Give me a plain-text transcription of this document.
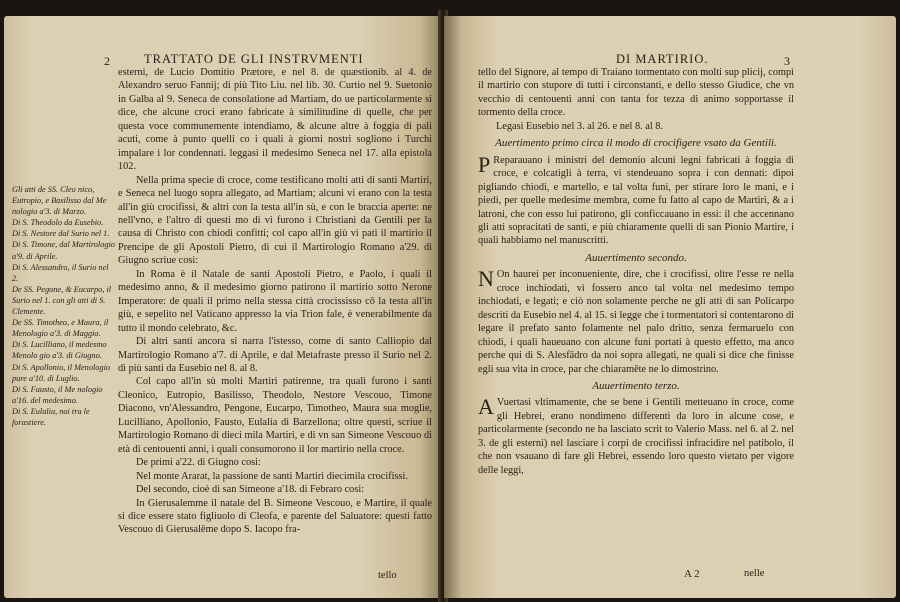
2	TRATTATO DE GLI INSTRVMENTI
Gli atti de SS. Cleo nico, Eutropio, e Basilisso dal Me nologio a'3. di Marzo.
Di S. Theodolo da Eusebio.
Di S. Nestore dal Surio nel 1.
Di S. Timone, dal Martirologio a'9. di Aprile.
Di S. Alessandro, il Surio nel 2.
De SS. Pegone, & Eucarpo, il Surio nel 1. con gli atti di S. Clemente.
De SS. Timotheo, e Maura, il Menologio a'3. di Maggio.
Di S. Lucilliano, il medesmo Menolo gio a'3. di Giugno.
Di S. Apollonio, il Menologio pure a'10. di Luglio.
Di S. Fausto, il Me nologio a'16. del medesimo.
Di S. Eulalia, noi tra le forastiere.

esterni, de Lucio Domitio Prætore, e nel 8. de quæstionib. al 4. de Alexandro seruo Fannij; di più Tito Liu. nel lib. 30. Curtio nel 9. Suetonio in Galba al 9. Seneca de consolatione ad Martiam, do ue particolarmente si dice, che alcune croci erano fabricate à similitudine di quelle, che per questa voce communemente intendiamo, & alcune altre à foggia di pali acuti, come à punto quelli co i quali à giorni nostri sogliono i Turchi impalare i lor condennati. leggasi il medesimo Seneca nel 17. alla epistola 102.

Nella prima specie di croce, come testificano molti atti di santi Martiri, e Seneca nel luogo sopra allegato, ad Martiam; alcuni vi erano con la testa all'in giù crocifissi, & altri con la testa all'in sù, e con le braccia aperte: ne nell'vno, e l'altro di questi mo di vi furono i Christiani da Gentili per la causa di Christo con chiodi confitti; col capo all'in giù vi patì il martirio il Prencipe de gli Apostoli Pietro, di cui il Martirologio Romano a'29. di Giugno scriue cosi:

In Roma è il Natale de santi Apostoli Pietro, e Paolo, i quali il medesimo anno, & il medesimo giorno patirono il martirio sotto Nerone Imperatore: de quali il primo nella stessa città crocississo cō la testa all'in giù, e sepelito nel Vaticano appresso la via Trion fale, è venerabilmente da tutto il mondo celebrato, &c.

Di altri santi ancora si narra l'istesso, come di santo Calliopio dal Martirologio Romano a'7. di Aprile, e dal Metafraste presso il Surio nel 2. dì più santi da Eusebio nel 8. al 8.

Col capo all'in sù molti Martiri patirenne, tra quali furono i santi Cleonico, Eutropio, Basilisso, Theodolo, Nestore Vescouo, Timone Diacono, vn'Alessandro, Pengone, Eucarpo, Timotheo, Maura sua moglie, Lucilliano, Apollonio, Fausto, Eulalia di Barzellona; oltre questi, scriue il Martirologio Romano di dieci mila Martiri, e di vn san Simeone Vescouo di età di centouenti anni, i quali consumorono il lor martirio nella croce.

De primi a'22. di Giugno cosi:

Nel monte Ararat, la passione de santi Martiri diecimila crocifissi.

Del secondo, cioè di san Simeone a'18. di Febraro cosi:

In Gierusalemme il natale del B. Simeone Vescouo, e Martire, il quale si dice essere stato figliuolo di Cleofa, e parente del Saluatore: questi fatto Vescouo di Gierusalēme dopo S. Iacopo fra-

tello
DI MARTIRIO.	3

tello del Signore, al tempo di Traiano tormentato con molti sup plicij, compì il martirio con stupore di tutti i circonstanti, e dello stesso Giudice, che vn vecchio di centouenti anni con tanta for tezza di animo sopportasse il tormento della croce.

Legasi Eusebio nel 3. al 26. e nel 8. al 8.

Auertimento primo circa il modo di crocifigere vsato da Gentili.

P Reparauano i ministri del demonio alcuni legni fabricati à foggia di croce, e colcatigli à terra, vi stendeuano sopra i con dennati: dipoi pigliando chiodi, e martello, e tal volta funi, per stirare loro le mani, e i piedi, per quelle medesime membra, come fu fatto al capo de Martiri, & a i latroni, che con esso lui patirono, gli conficcauano in essi: il che accennano gli atti sopracitati de santi, e più chiaramente quelli di san Pionio Martire, i quali habbiamo nel manuscritti.

Auuertimento secondo.

N On haurei per inconueniente, dire, che i crocifissi, oltre l'esse re nella croce inchiodati, vi fossero anco tal volta nel medesimo tempo inchiodati, e legati; e ciò non solamente perche ne gli atti di san Policarpo descriti da Eusebio nel 4. al 15. si legge che i tormentatori si contentarono di legare il prefato santo folamente nel palo dritto, senza fermaruelo con chiodi, i quali haueuano con alcune funi portati à questo effetto, ma anco perche qui di S. Alesfādro da noi sopra allegati, ne quali si dice che finisse egli sua vita in croce, par che chiaramēte ne lo dimostrino.

Auuertimento terzo.

A Vuertasi vltimamente, che se bene i Gentili metteuano in croce, come gli Hebrei, erano nondimeno differenti da loro in alcune cose, e particolarmente (secondo ne ha lasciato scrit to Valerio Mass. nel 6. al 2. nel 3. de gli esterni) nel lasciare i corpi de crocifissi infracidire nel patibolo, il che non vsauano di fare gli Hebrei, essendo loro questo vietato per vigore delle leggi,

A 2	nelle
